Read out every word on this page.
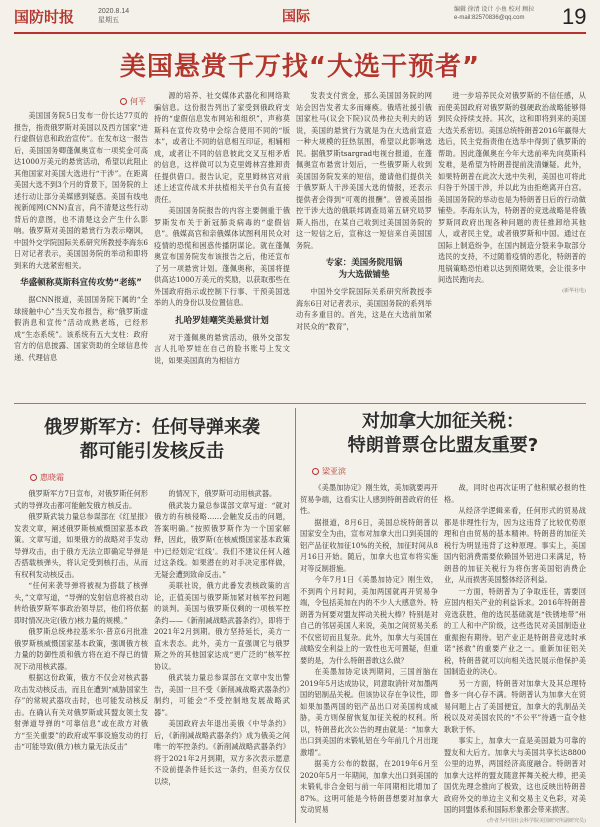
国防时报	2020.8.14
星期五	国际	编辑 徐清 设计 小鱼 校对 顾拉
e-mail:82570836@qq.com	19
美国悬赏千万找“大选干预者”
何平

美国国务院5日发布一份长达77页的报告，指责俄罗斯对美国以及西方国家“进行虚假信息和政治宣传”。在发布这一报告后，美国国务卿蓬佩奥宣布一项奖金可高达1000万美元的悬赏活动，希望以此阻止其他国家对美国大选进行“干涉”。在距离美国大选不到3个月的背景下，国务院的上述行动让部分美媒感到疑惑。美国有线电视新闻网(CNN)直言，尚不清楚这些行动背后的意图，也不清楚这会产生什么影响。俄罗斯对美国的悬赏行为表示嘲讽，中国外交学院国际关系研究所教授李海东6日对记者表示，美国国务院的举动和即将到来的大选紧密相关。

华盛顿称莫斯科宣传攻势“老练”

据CNN报道，美国国务院下属的“全球接触中心”当天发布报告，称“俄罗斯虚假消息和宣传”活动成熟老练，已经形成“生态系统”。该系统有五大支柱：政府官方的信息披露、国家资助的全球信息传递、代理信息

源的培养、社交媒体武器化和网络欺骗信息。这份报告列出了家受到俄政府支持的“虚假信息发布网站和组织”，声称莫斯科在宣传攻势中会综合使用不同的“版本”，或者让不同的信息相互印证，相辅相成，或者让不同的信息彼此交叉互相矛盾的信息，这样做可以为克里姆林宫推卸责任提供借口。报告认定，克里姆林宫对前述上述宣传战术并扶植相关平台负有直接责任。

美国国务院报告的内容主要侧重于俄罗斯发布关于新冠肺炎病毒的“虚假信息”。俄媒高官和亲俄媒体试图利用民众对疫情的恐慌和困惑传播阴谋论。就在蓬佩奥宣布国务院发布该报告之后，他还宣布了另一项悬赏计划。蓬佩奥称，美国将提供高达1000万美元的奖励，以获取那些在外国政府指示或控制下行事、干预美国选举的人的身份以及位置信息。

扎哈罗娃嘲笑美悬赏计划

对于蓬佩奥的悬赏活动，俄外交部发言人扎哈罗娃在自己的脸书账号上发文说，如果美国真的为相信方

发表支付赏金，那么美国国务院的网站会因告发者太多而瘫痪。俄塔社援引俄国家杜马(议会下院)议员弗拉夫利夫的话说，美国的悬赏行为就是为在大选前宣造一种大规模的狂热氛围，希望以此影响选民。据俄罗斯tsargrad电视台报道，在蓬佩奥宣布悬赏计划后，一些俄罗斯人收到美国国务院发来的短信，邀请他们提供关于俄罗斯人干涉美国大选的情报，还表示提供者会得到“可观的报酬”。曾被美国指控干涉大选的俄联邦调查局第五研究局罗斯人指出，在某自己收到过美国国务院的这一短信之后，宣称这一短信来自美国国务院。

专家：美国务院甩锅
为大选做铺垫

中国外交学院国际关系研究所教授李海东6日对记者表示，美国国务院的系列举动有多重目的。首先，这是在大选前加紧对民众的“教育”，

进一步培养民众对俄罗斯的不信任感，从而使美国政府对俄罗斯的强硬政治战略能够得到民众持续支持。其次，这和即将到来的美国大选关系密切。美国总统特朗普2016年赢得大选后，民主党指责他在选举中得到了俄罗斯的帮助。因此蓬佩奥在今年大选前率先向莫斯科发难，是希望为特朗普提前洗清嫌疑。此外，如果特朗普在此次大选中失利，美国也可将此归咎于外国干涉，并以此为由拒绝离开白宫。美国国务院的举动也是为特朗普日后的行动做铺垫。李海东认为，特朗普的竞选战略是将俄罗斯同政府出现各种问题的责任推卸给其他人，或者民主党，或者俄罗斯和中国。通过在国际上制造纷争，在国内制造分裂来争取部分选民的支持，不过随着疫情的恶化，特朗普的甩锅策略恐怕难以达到预期效果，会让很多中间选民跑向去。

(新华社电)

俄罗斯军方：任何导弹来袭
都可能引发核反击
惠晓霜

俄罗斯军方7日宣布，对俄罗斯任何形式的导弹攻击都可能触发俄方核反击。

俄罗斯武装力量总参谋部在《红星报》发表文章，阐述俄罗斯核威慑国家基本政策。文章写道，如果俄方的战略对手发动导弹攻击，由于俄方无法立即确定导弹是否搭载核弹头，将认定受到核打击，从而有权利发动核反击。

“任何来袭导弹将被视为搭载了核弹头，”文章写道，“导弹的发射信息将被自动转给俄罗斯军事政治领导层，他们将依据即时情况决定(俄方)核力量的规模。”

俄罗斯总统弗拉基米尔·普京6月批准俄罗斯核威慑国家基本政策，强调俄方核力量的防御性质和俄方将在迫不得已的情况下动用核武器。

根据这份政策，俄方不仅会对核武器攻击发动核反击，而且在遭到“威胁国家生存”的常规武器攻击时，也可能发动核反击。在确认有关对俄罗斯或其盟友领土发射弹道导弹的“可靠信息”或在敌方对俄方“至关重要”的政府或军事设施发动的打击“可能导致(俄方)核力量无法反击”

的情况下，俄罗斯可动用核武器。

俄武装力量总参谋部文章写道：“就对俄方的有核侵略……会触发反击的问题，答案明确。”按照俄罗斯作为一个国家解释，因此，俄罗斯(在核威慑国家基本政策中)已经划定‘红线’。我们不建议任何人越过这条线。如果潜在的对手决定那样做，无疑会遭到致命反击。”

美联社说，俄方此番发表核政策的言论，正值美国与俄罗斯加紧对核军控问题的谈判。美国与俄罗斯仅剩的一项核军控条约——《新削减战略武器条约》，即将于2021年2月到期。俄方坚持延长，美方一直未表态。此外，美方一直强调它与俄罗斯之外的其他国家达成“更广泛的”核军控协议。

俄武装力量总参谋部在文章中发出警告，美国一旦不受《新削减战略武器条约》制约，可能会“不受控制地发展战略武器”。

美国政府去年退出美俄《中导条约》后，《新削减战略武器条约》成为俄美之间唯一的军控条约。《新削减战略武器条约》将于2021年2月到期，双方多次表示愿意不设前提条件延长这一条约，但美方仅仅以续，

对加拿大加征关税：
特朗普票仓比盟友重要?
梁亚滨

《美墨加协定》刚生效，美加就要再开贸易争端，这看实让人感到特朗普政府的任性。

据报道，8月6日，美国总统特朗普以国家安全为由，宣布对加拿大出口到美国的铝产品征收加征10%的关税，加征时间从8月16日开始。随后，加拿大也宣布将实施对等反制措施。

今年7月1日《美墨加协定》刚生效，不到两个月时间，美加两国就再开贸易争端，令包括美加在内的不少人大感意外。特朗普为何要对盟友挥动关税大棒？特别是对自己的邻居美国人来说，美加之间贸易关系不仅密切而且复杂。此外，加拿大与美国在战略安全利益上的一致性也无可置疑，但重要的是，为什么特朗普敢这么做？

在美墨加协定谈判期间，三国首脑在2019年5月达成协议，同意取消针对加墨两国的铝制品关税。但该协议存在争议性，即如果加墨两国的铝产品出口对美国构成威胁，美方则保留恢复加征关税的权利。所以，特朗普此次公告的理由就是：“加拿大出口到美国的未锻轧铝在今年前几个月出现激增”。

据美方公布的数据，在2019年6月至2020年5月一年期间，加拿大出口到美国的未锻轧非合金铝与前一年同期相比增加了87%。这明可能是今特朗普想要对加拿大发动贸易

战，同时也再次证明了他积赋必报的性格。

从经济学逻辑来看，任何形式的贸易战都是非理性行为，因为这违背了比较优势原理和自由贸易的基本精神。特朗普的加征关税行为明显违背了这种原理。事实上，美国国内铝消费需要依赖国外铝进口来满足，特朗普的加征关税行为将伤害美国铝消费企业，从而损害美国整体经济利益。

一方面，特朗普为了争取连任，需要回应国内相关产业的利益诉求。2016年特朗普竞选获胜，他的选民基础就是“铁锈地带”州的工人和中产阶级，这些选民对美国制造业重振抱有期待。铝产业正是特朗普竞选时承诺“拯救”的重要产业之一。重新加征铝关税，特朗普就可以向相关选民展示他保护美国制造业的决心。

另一方面，特朗普对加拿大及其总理特鲁多一向心存不满。特朗普认为加拿大在贸易问题上占了美国便宜，加拿大的乳制品关税以及对美国农民的“不公平”待遇一直令他耿耿于怀。

事实上，加拿大一直是美国最为可靠的盟友和大后方。加拿大与美国共享长达8800公里的边界，两国经济高度融合。特朗普对加拿大这样的盟友随意挥舞关税大棒，把美国优先理念推向了极致，这也反映出特朗普政府外交的单边主义和交易主义色彩，对美国的同盟体系和国际形象都会带来损害。

(作者为中国社会科学院美国研究所副研究员)
